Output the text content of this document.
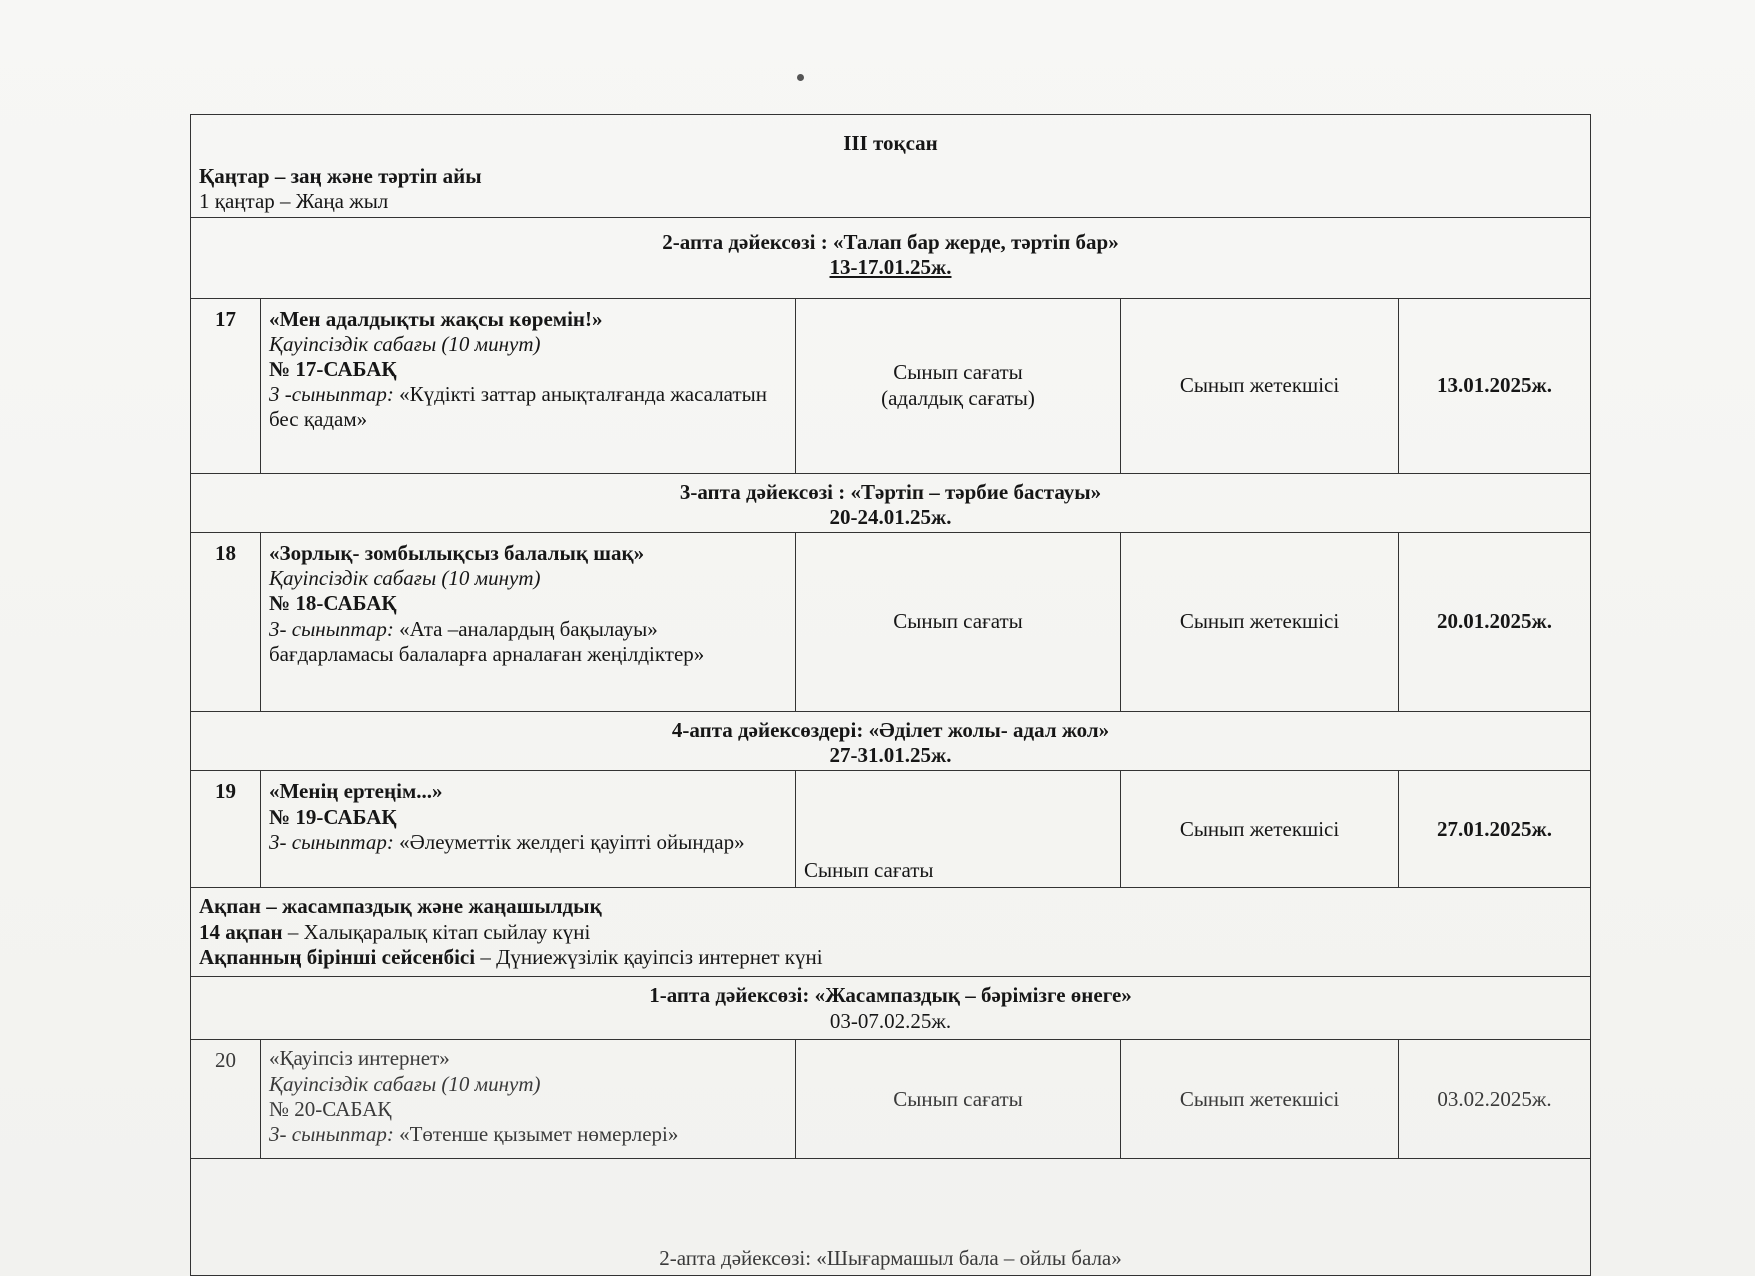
ІІІ тоқсан
Қаңтар – заң және тәртіп айы
1 қаңтар – Жаңа жыл				

2-апта дәйексөзі : «Талап бар жерде, тәртіп бар»
13-17.01.25ж.				

17	«Мен адалдықты жақсы көремін!»
Қауіпсіздік сабағы (10 минут)
№ 17-САБАҚ
3 -сыныптар: «Күдікті заттар анықталғанда жасалатын бес қадам»	Сынып сағаты
(адалдық сағаты)	Сынып жетекшісі	13.01.2025ж.

3-апта дәйексөзі : «Тәртіп – тәрбие бастауы»
20-24.01.25ж.				

18	«Зорлық- зомбылықсыз балалық шақ»
Қауіпсіздік сабағы (10 минут)
№ 18-САБАҚ
3- сыныптар: «Ата –аналардың бақылауы» бағдарламасы балаларға арналаған жеңілдіктер»	Сынып сағаты	Сынып жетекшісі	20.01.2025ж.

4-апта дәйексөздері: «Әділет жолы- адал жол»
27-31.01.25ж.				

19	«Менің ертеңім...»
№ 19-САБАҚ
3- сыныптар: «Әлеуметтік желдегі қауіпті ойындар»	Сынып сағаты	Сынып жетекшісі	27.01.2025ж.

Ақпан – жасампаздық және жаңашылдық
14 ақпан – Халықаралық кітап сыйлау күні
Ақпанның бірінші сейсенбісі – Дүниежүзілік қауіпсіз интернет күні				

1-апта дәйексөзі: «Жасампаздық – бәрімізге өнеге»
03-07.02.25ж.				

20	«Қауіпсіз интернет»
Қауіпсіздік сабағы (10 минут)
№ 20-САБАҚ
3- сыныптар: «Төтенше қызымет нөмерлері»	Сынып сағаты	Сынып жетекшісі	03.02.2025ж.

2-апта дәйексөзі: «Шығармашыл бала – ойлы бала»				
